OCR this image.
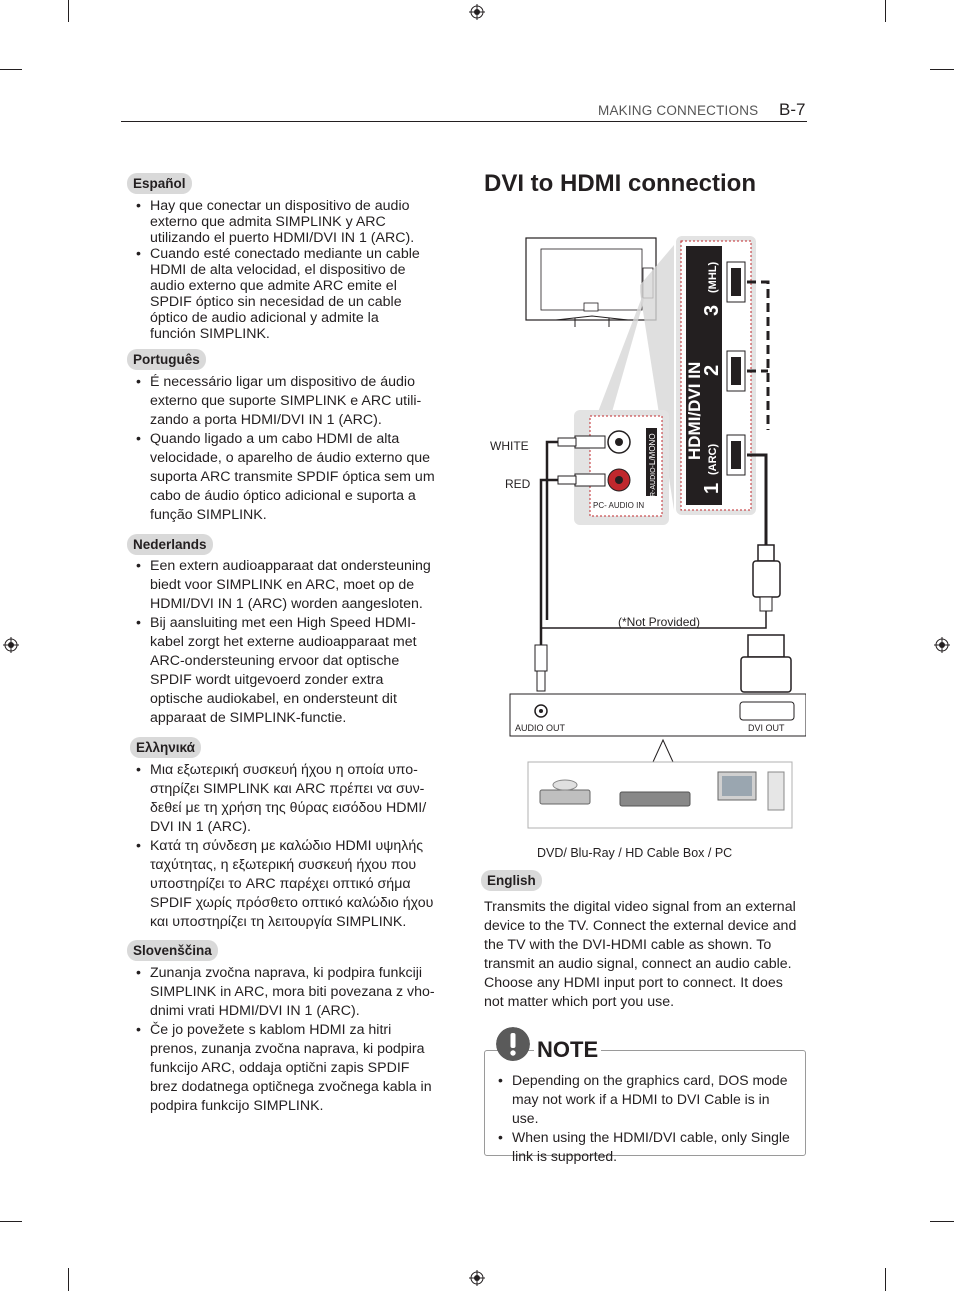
MAKING CONNECTIONS B-7
Español
• Hay que conectar un dispositivo de audio externo que admita SIMPLINK y ARC utilizando el puerto HDMI/DVI IN 1 (ARC).
• Cuando esté conectado mediante un cable HDMI de alta velocidad, el dispositivo de audio externo que admite ARC emite el SPDIF óptico sin necesidad de un cable óptico de audio adicional y admite la función SIMPLINK.
Português
• É necessário ligar um dispositivo de áudio externo que suporte SIMPLINK e ARC utili- zando a porta HDMI/DVI IN 1 (ARC).
• Quando ligado a um cabo HDMI de alta velocidade, o aparelho de áudio externo que suporta ARC transmite SPDIF óptica sem um cabo de áudio óptico adicional e suporta a função SIMPLINK.
Nederlands
• Een extern audioapparaat dat ondersteuning biedt voor SIMPLINK en ARC, moet op de HDMI/DVI IN 1 (ARC) worden aangesloten.
• Bij aansluiting met een High Speed HDMI- kabel zorgt het externe audioapparaat met ARC-ondersteuning ervoor dat optische SPDIF wordt uitgevoerd zonder extra optische audiokabel, en ondersteunt dit apparaat de SIMPLINK-functie.
Ελληνικά
• Μια εξωτερική συσκευή ήχου η οποία υπο- στηρίζει SIMPLINK και ARC πρέπει να συν- δεθεί με τη χρήση της θύρας εισόδου HDMI/ DVI IN 1 (ARC).
• Κατά τη σύνδεση με καλώδιο HDMI υψηλής ταχύτητας, η εξωτερική συσκευή ήχου που υποστηρίζει το ARC παρέχει οπτικό σήμα SPDIF χωρίς πρόσθετο οπτικό καλώδιο ήχου και υποστηρίζει τη λειτουργία SIMPLINK.
Slovenščina
• Zunanja zvočna naprava, ki podpira funkciji SIMPLINK in ARC, mora biti povezana z vho- dnimi vrati HDMI/DVI IN 1 (ARC).
• Če jo povežete s kablom HDMI za hitri prenos, zunanja zvočna naprava, ki podpira funkcijo ARC, oddaja optični zapis SPDIF brez dodatnega optičnega zvočnega kabla in podpira funkcijo SIMPLINK.
DVI to HDMI connection
HDMI/DVI IN
3
(MHL)
2
1
(ARC)
L/MONO
R-AUDIO-L
PC- AUDIO IN
WHITE
RED
(*Not Provided)
AUDIO OUT	DVI OUT
DVD/ Blu-Ray / HD Cable Box / PC
English

Transmits the digital video signal from an external device to the TV. Connect the external device and the TV with the DVI-HDMI cable as shown. To transmit an audio signal, connect an audio cable. Choose any HDMI input port to connect. It does not matter which port you use.

NOTE
• Depending on the graphics card, DOS mode may not work if a HDMI to DVI Cable is in use.
• When using the HDMI/DVI cable, only Single link is supported.
